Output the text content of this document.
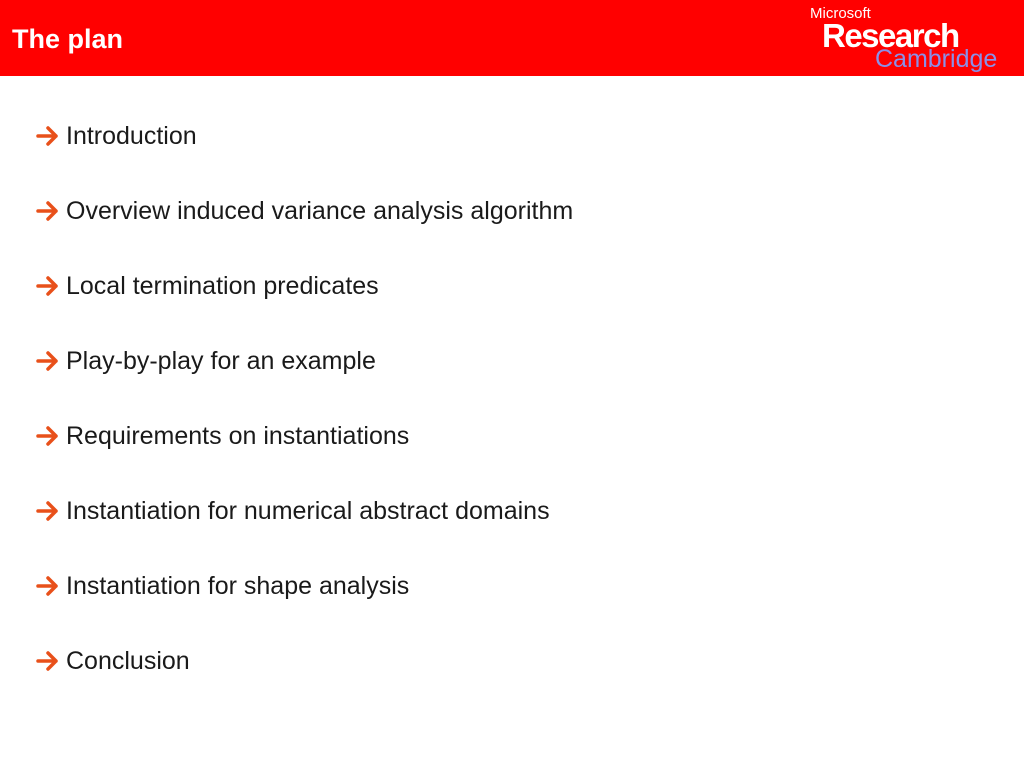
The plan
Microsoft
Research
Cambridge
Introduction
Overview induced variance analysis algorithm
Local termination predicates
Play-by-play for an example
Requirements on instantiations
Instantiation for numerical abstract domains
Instantiation for shape analysis
Conclusion
